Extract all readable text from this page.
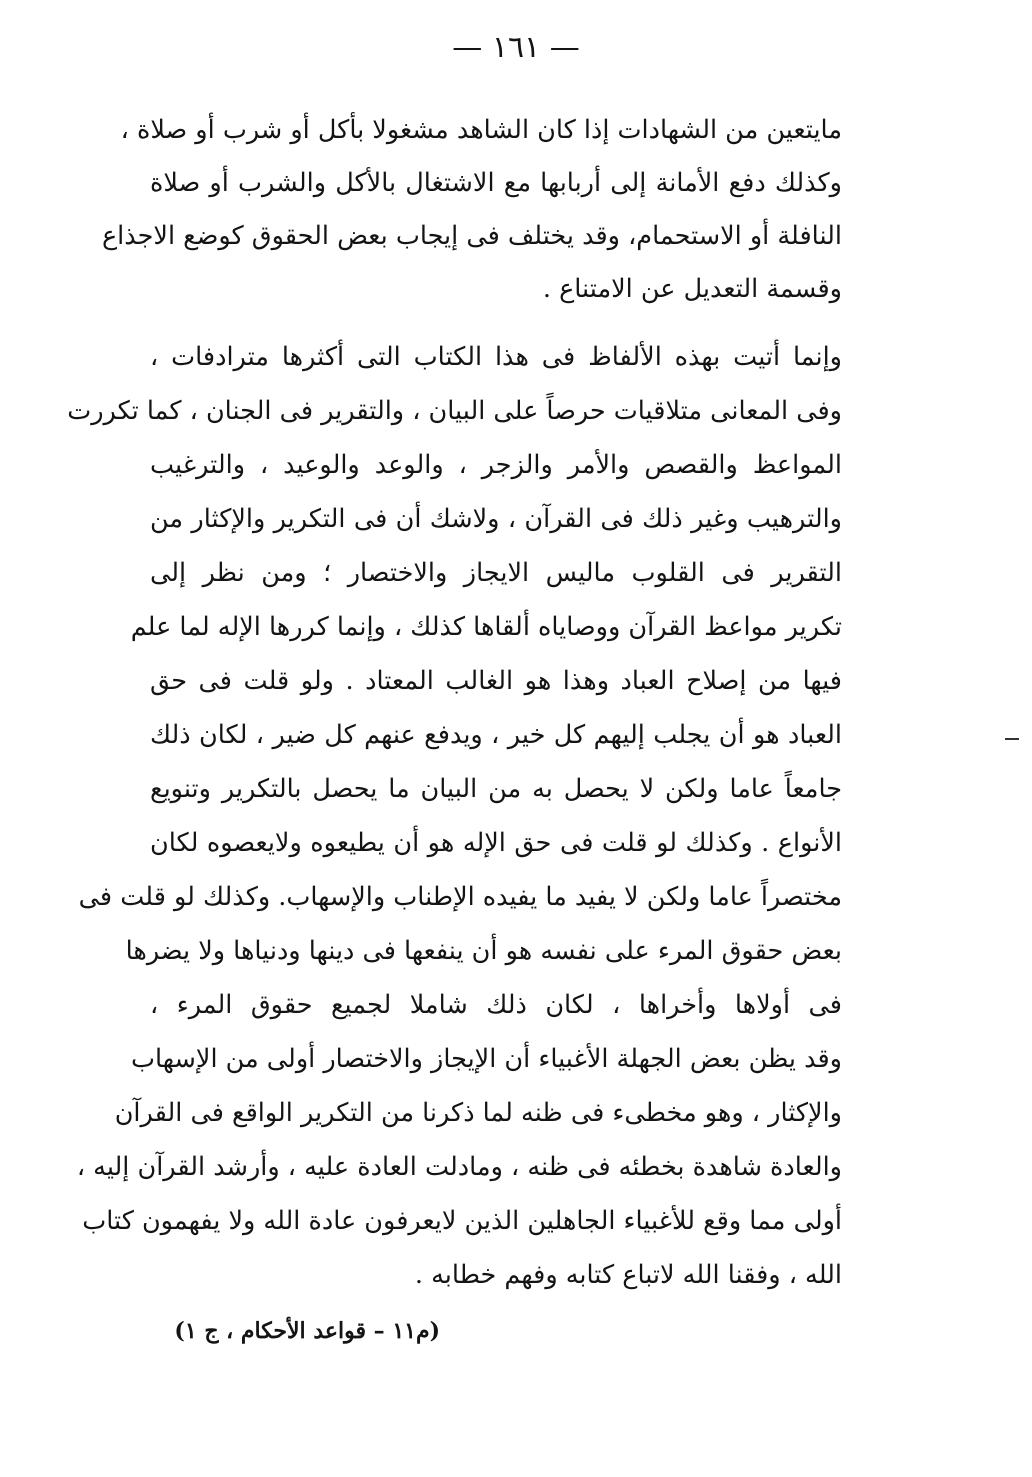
— ١٦١ —
مايتعين من الشهادات إذا كان الشاهد مشغولا بأكل أو شرب أو صلاة ،
وكذلك دفع الأمانة إلى أربابها مع الاشتغال بالأكل والشرب أو صلاة
النافلة أو الاستحمام، وقد يختلف فى إيجاب بعض الحقوق كوضع الاجذاع
وقسمة التعديل عن الامتناع .
وإنما أتيت بهذه الألفاظ فى هذا الكتاب التى أكثرها مترادفات ،
وفى المعانى متلاقيات حرصاً على البيان ، والتقرير فى الجنان ، كما تكررت
المواعظ والقصص والأمر والزجر ، والوعد والوعيد ، والترغيب
والترهيب وغير ذلك فى القرآن ، ولاشك أن فى التكرير والإكثار من
التقرير فى القلوب ماليس الايجاز والاختصار ؛ ومن نظر إلى
تكرير مواعظ القرآن ووصاياه ألقاها كذلك ، وإنما كررها الإله لما علم
فيها من إصلاح العباد وهذا هو الغالب المعتاد . ولو قلت فى حق
العباد هو أن يجلب إليهم كل خير ، ويدفع عنهم كل ضير ، لكان ذلك
جامعاً عاما ولكن لا يحصل به من البيان ما يحصل بالتكرير وتنويع
الأنواع . وكذلك لو قلت فى حق الإله هو أن يطيعوه ولايعصوه لكان
مختصراً عاما ولكن لا يفيد ما يفيده الإطناب والإسهاب. وكذلك لو قلت فى
بعض حقوق المرء على نفسه هو أن ينفعها فى دينها ودنياها ولا يضرها
فى أولاها وأخراها ، لكان ذلك شاملا لجميع حقوق المرء ،
وقد يظن بعض الجهلة الأغبياء أن الإيجاز والاختصار أولى من الإسهاب
والإكثار ، وهو مخطىء فى ظنه لما ذكرنا من التكرير الواقع فى القرآن
والعادة شاهدة بخطئه فى ظنه ، ومادلت العادة عليه ، وأرشد القرآن إليه ،
أولى مما وقع للأغبياء الجاهلين الذين لايعرفون عادة الله ولا يفهمون كتاب
الله ، وفقنا الله لاتباع كتابه وفهم خطابه .
(م١١ – قواعد الأحكام ، ج ١)
